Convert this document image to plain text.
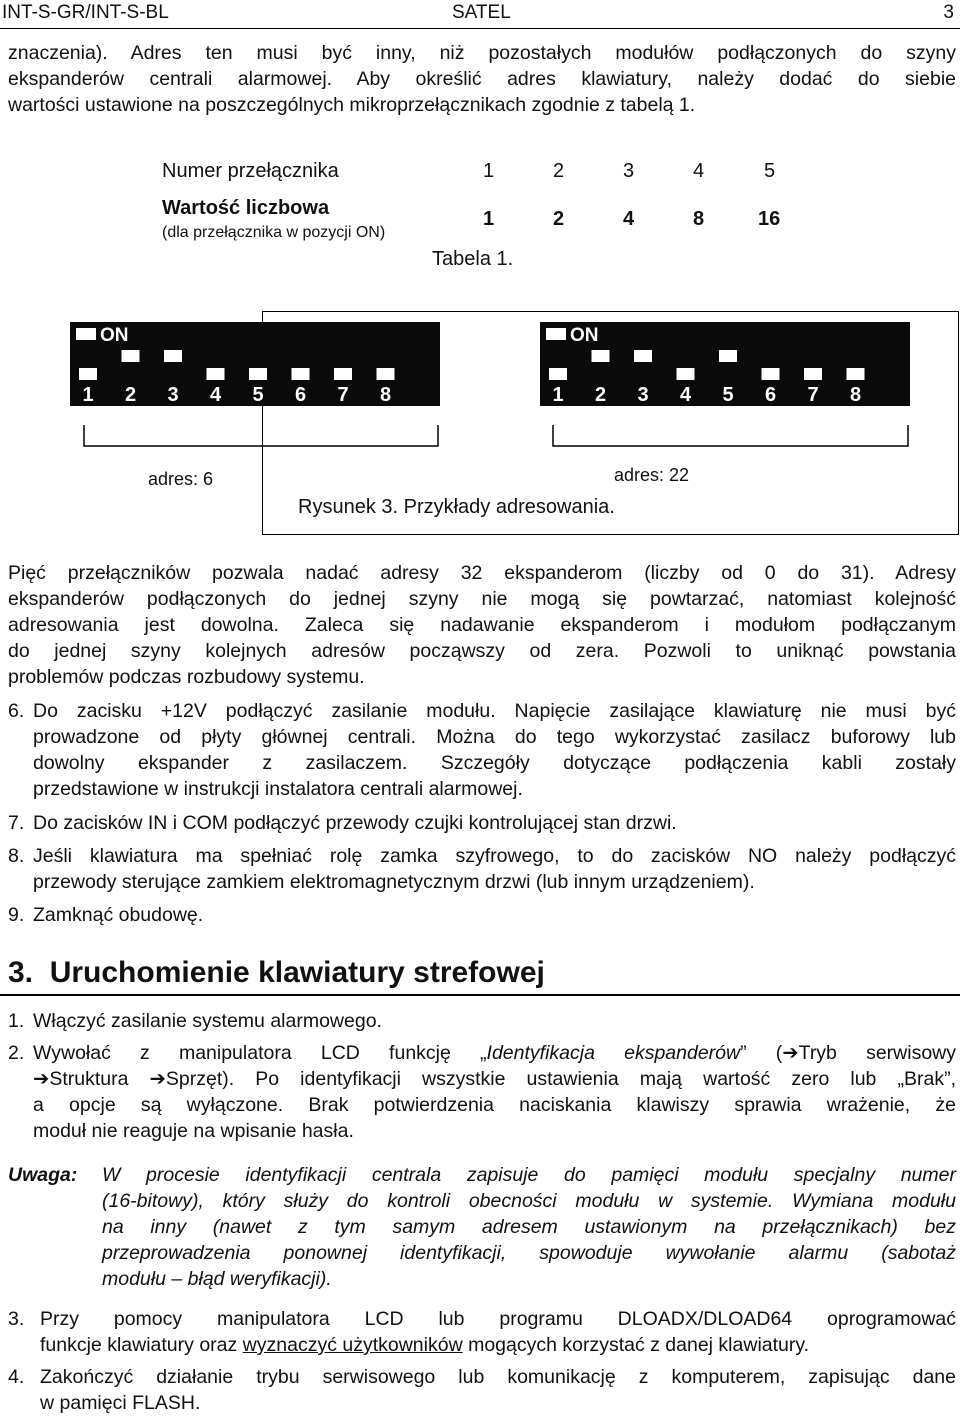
INT-S-GR/INT-S-BL	SATEL	3
znaczenia). Adres ten musi być inny, niż pozostałych modułów podłączonych do szyny
ekspanderów centrali alarmowej. Aby określić adres klawiatury, należy dodać do siebie
wartości ustawione na poszczególnych mikroprzełącznikach zgodnie z tabelą 1.
Numer przełącznika	1	2	3	4	5
Wartość liczbowa
(dla przełącznika w pozycji ON)
1	2	4	8	16
Tabela 1.
ON
1 2 3 4 5 6 7 8
ON
1 2 3 4 5 6 7 8
adres: 6	adres: 22
Rysunek 3. Przykłady adresowania.
Pięć przełączników pozwala nadać adresy 32 ekspanderom (liczby od 0 do 31). Adresy
ekspanderów podłączonych do jednej szyny nie mogą się powtarzać, natomiast kolejność
adresowania jest dowolna. Zaleca się nadawanie ekspanderom i modułom podłączanym
do jednej szyny kolejnych adresów począwszy od zera. Pozwoli to uniknąć powstania
problemów podczas rozbudowy systemu.
6. Do zacisku +12V podłączyć zasilanie modułu. Napięcie zasilające klawiaturę nie musi być
prowadzone od płyty głównej centrali. Można do tego wykorzystać zasilacz buforowy lub
dowolny ekspander z zasilaczem. Szczegóły dotyczące podłączenia kabli zostały
przedstawione w instrukcji instalatora centrali alarmowej.
7. Do zacisków IN i COM podłączyć przewody czujki kontrolującej stan drzwi.
8. Jeśli klawiatura ma spełniać rolę zamka szyfrowego, to do zacisków NO należy podłączyć
przewody sterujące zamkiem elektromagnetycznym drzwi (lub innym urządzeniem).
9. Zamknąć obudowę.
3. Uruchomienie klawiatury strefowej
1. Włączyć zasilanie systemu alarmowego.
2. Wywołać z manipulatora LCD funkcję „Identyfikacja ekspanderów” (➔Tryb serwisowy
➔Struktura ➔Sprzęt). Po identyfikacji wszystkie ustawienia mają wartość zero lub „Brak”,
a opcje są wyłączone. Brak potwierdzenia naciskania klawiszy sprawia wrażenie, że
moduł nie reaguje na wpisanie hasła.
Uwaga: W procesie identyfikacji centrala zapisuje do pamięci modułu specjalny numer
(16-bitowy), który służy do kontroli obecności modułu w systemie. Wymiana modułu
na inny (nawet z tym samym adresem ustawionym na przełącznikach) bez
przeprowadzenia ponownej identyfikacji, spowoduje wywołanie alarmu (sabotaż
modułu – błąd weryfikacji).
3. Przy pomocy manipulatora LCD lub programu DLOADX/DLOAD64 oprogramować
funkcje klawiatury oraz wyznaczyć użytkowników mogących korzystać z danej klawiatury.
4. Zakończyć działanie trybu serwisowego lub komunikację z komputerem, zapisując dane
w pamięci FLASH.
